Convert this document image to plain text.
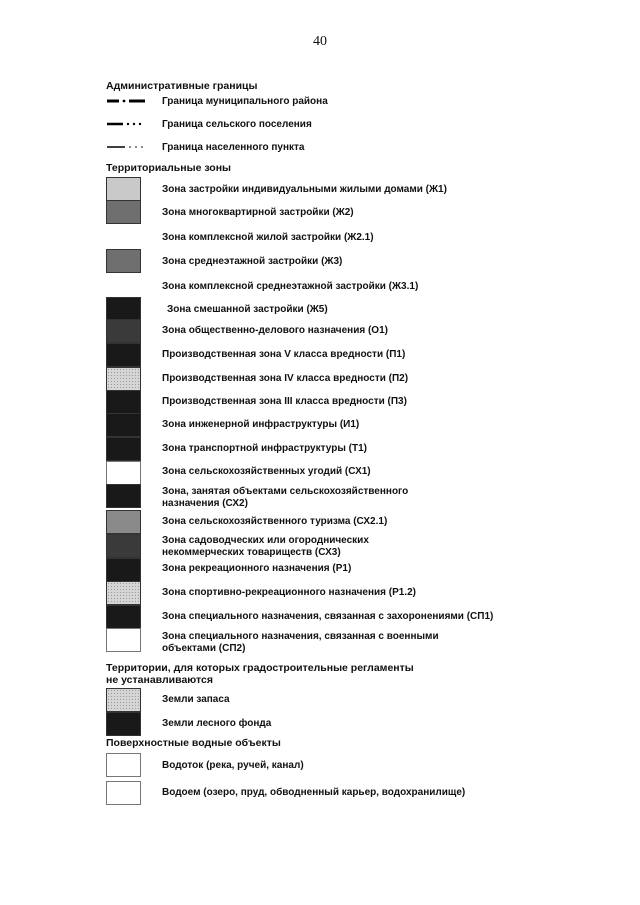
40
Административные границы
Граница муниципального района
Граница сельского поселения
Граница населенного пункта
Территориальные зоны
Зона застройки индивидуальными жилыми домами (Ж1)
Зона многоквартирной застройки (Ж2)
Зона комплексной жилой застройки (Ж2.1)
Зона среднеэтажной застройки (Ж3)
Зона комплексной среднеэтажной застройки (Ж3.1)
Зона смешанной застройки (Ж5)
Зона общественно-делового назначения (О1)
Производственная зона V класса вредности (П1)
Производственная зона IV класса вредности (П2)
Производственная зона III класса вредности (П3)
Зона инженерной инфраструктуры (И1)
Зона транспортной инфраструктуры (Т1)
Зона сельскохозяйственных угодий (СХ1)
Зона, занятая объектами сельскохозяйственного назначения (СХ2)
Зона сельскохозяйственного туризма (СХ2.1)
Зона садоводческих или огороднических некоммерческих товариществ (СХ3)
Зона рекреационного назначения (Р1)
Зона спортивно-рекреационного назначения (Р1.2)
Зона специального назначения, связанная с захоронениями (СП1)
Зона специального назначения, связанная с военными объектами (СП2)
Территории, для которых градостроительные регламенты не устанавливаются
Земли запаса
Земли лесного фонда
Поверхностные водные объекты
Водоток (река, ручей, канал)
Водоем (озеро, пруд, обводненный карьер, водохранилище)
